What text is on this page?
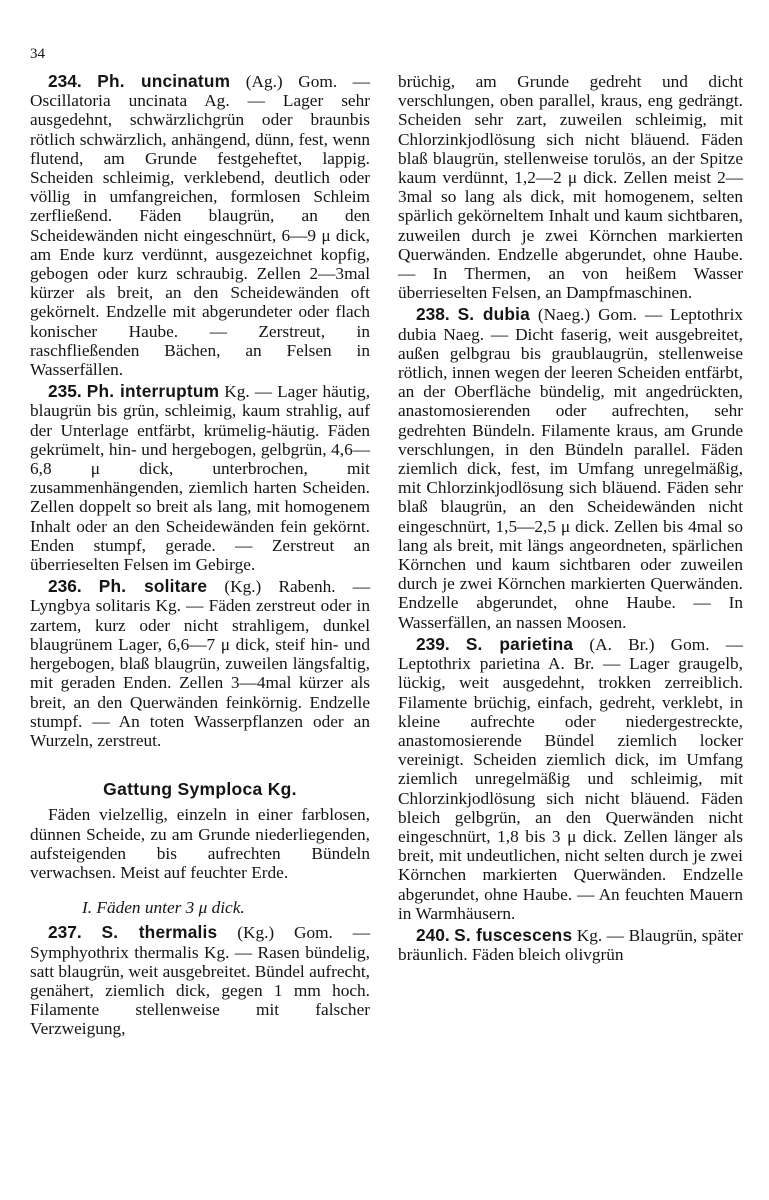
34

234. Ph. uncinatum (Ag.) Gom. — Oscillatoria uncinata Ag. — Lager sehr ausgedehnt, schwärzlichgrün oder braunbis rötlich schwärzlich, anhängend, dünn, fest, wenn flutend, am Grunde festgeheftet, lappig. Scheiden schleimig, verklebend, deutlich oder völlig in umfangreichen, formlosen Schleim zerfließend. Fäden blaugrün, an den Scheidewänden nicht eingeschnürt, 6—9 μ dick, am Ende kurz verdünnt, ausgezeichnet kopfig, gebogen oder kurz schraubig. Zellen 2—3mal kürzer als breit, an den Scheidewänden oft gekörnelt. Endzelle mit abgerundeter oder flach konischer Haube. — Zerstreut, in raschfließenden Bächen, an Felsen in Wasserfällen.

235. Ph. interruptum Kg. — Lager häutig, blaugrün bis grün, schleimig, kaum strahlig, auf der Unterlage entfärbt, krümelig-häutig. Fäden gekrümelt, hin- und hergebogen, gelbgrün, 4,6—6,8 μ dick, unterbrochen, mit zusammenhängenden, ziemlich harten Scheiden. Zellen doppelt so breit als lang, mit homogenem Inhalt oder an den Scheidewänden fein gekörnt. Enden stumpf, gerade. — Zerstreut an überrieselten Felsen im Gebirge.

236. Ph. solitare (Kg.) Rabenh. — Lyngbya solitaris Kg. — Fäden zerstreut oder in zartem, kurz oder nicht strahligem, dunkel blaugrünem Lager, 6,6—7 μ dick, steif hin- und hergebogen, blaß blaugrün, zuweilen längsfaltig, mit geraden Enden. Zellen 3—4mal kürzer als breit, an den Querwänden feinkörnig. Endzelle stumpf. — An toten Wasserpflanzen oder an Wurzeln, zerstreut.

Gattung Symploca Kg.

Fäden vielzellig, einzeln in einer farblosen, dünnen Scheide, zu am Grunde niederliegenden, aufsteigenden bis aufrechten Bündeln verwachsen. Meist auf feuchter Erde.

I. Fäden unter 3 μ dick.

237. S. thermalis (Kg.) Gom. — Symphyothrix thermalis Kg. — Rasen bündelig, satt blaugrün, weit ausgebreitet. Bündel aufrecht, genähert, ziemlich dick, gegen 1 mm hoch. Filamente stellenweise mit falscher Verzweigung,

brüchig, am Grunde gedreht und dicht verschlungen, oben parallel, kraus, eng gedrängt. Scheiden sehr zart, zuweilen schleimig, mit Chlorzinkjodlösung sich nicht bläuend. Fäden blaß blaugrün, stellenweise torulös, an der Spitze kaum verdünnt, 1,2—2 μ dick. Zellen meist 2—3mal so lang als dick, mit homogenem, selten spärlich gekörneltem Inhalt und kaum sichtbaren, zuweilen durch je zwei Körnchen markierten Querwänden. Endzelle abgerundet, ohne Haube. — In Thermen, an von heißem Wasser überrieselten Felsen, an Dampfmaschinen.

238. S. dubia (Naeg.) Gom. — Leptothrix dubia Naeg. — Dicht faserig, weit ausgebreitet, außen gelbgrau bis graublaugrün, stellenweise rötlich, innen wegen der leeren Scheiden entfärbt, an der Oberfläche bündelig, mit angedrückten, anastomosierenden oder aufrechten, sehr gedrehten Bündeln. Filamente kraus, am Grunde verschlungen, in den Bündeln parallel. Fäden ziemlich dick, fest, im Umfang unregelmäßig, mit Chlorzinkjodlösung sich bläuend. Fäden sehr blaß blaugrün, an den Scheidewänden nicht eingeschnürt, 1,5—2,5 μ dick. Zellen bis 4mal so lang als breit, mit längs angeordneten, spärlichen Körnchen und kaum sichtbaren oder zuweilen durch je zwei Körnchen markierten Querwänden. Endzelle abgerundet, ohne Haube. — In Wasserfällen, an nassen Moosen.

239. S. parietina (A. Br.) Gom. — Leptothrix parietina A. Br. — Lager graugelb, lückig, weit ausgedehnt, trokken zerreiblich. Filamente brüchig, einfach, gedreht, verklebt, in kleine aufrechte oder niedergestreckte, anastomosierende Bündel ziemlich locker vereinigt. Scheiden ziemlich dick, im Umfang ziemlich unregelmäßig und schleimig, mit Chlorzinkjodlösung sich nicht bläuend. Fäden bleich gelbgrün, an den Querwänden nicht eingeschnürt, 1,8 bis 3 μ dick. Zellen länger als breit, mit undeutlichen, nicht selten durch je zwei Körnchen markierten Querwänden. Endzelle abgerundet, ohne Haube. — An feuchten Mauern in Warmhäusern.

240. S. fuscescens Kg. — Blaugrün, später bräunlich. Fäden bleich olivgrün
